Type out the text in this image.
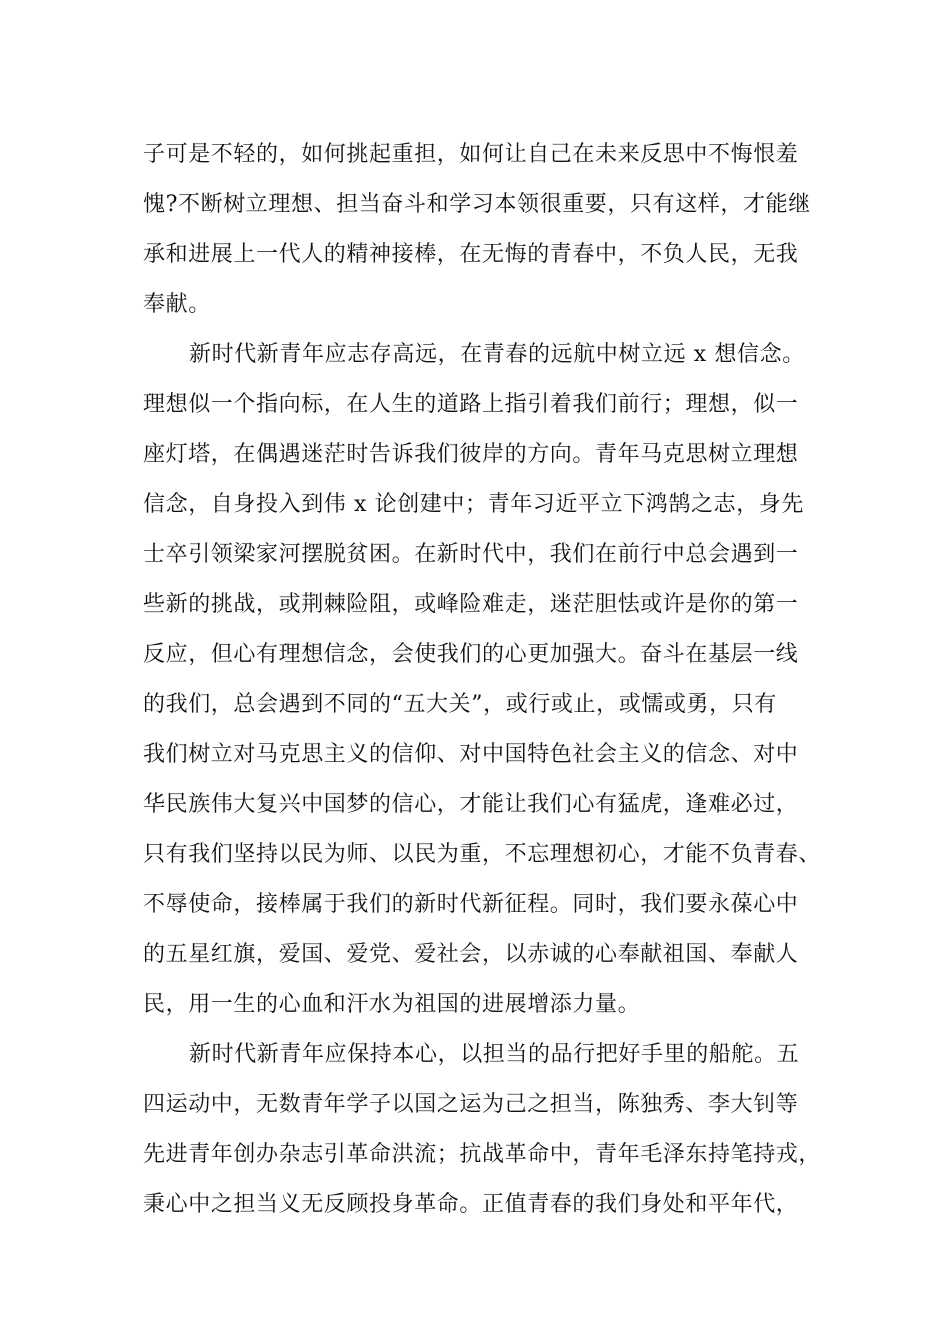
子可是不轻的，如何挑起重担，如何让自己在未来反思中不悔恨羞
愧?不断树立理想、担当奋斗和学习本领很重要，只有这样，才能继
承和进展上一代人的精神接棒，在无悔的青春中，不负人民，无我
奉献。
新时代新青年应志存高远，在青春的远航中树立远 x 想信念。
理想似一个指向标，在人生的道路上指引着我们前行；理想，似一
座灯塔，在偶遇迷茫时告诉我们彼岸的方向。青年马克思树立理想
信念，自身投入到伟 x 论创建中；青年习近平立下鸿鹄之志，身先
士卒引领梁家河摆脱贫困。在新时代中，我们在前行中总会遇到一
些新的挑战，或荆棘险阻，或峰险难走，迷茫胆怯或许是你的第一
反应，但心有理想信念，会使我们的心更加强大。奋斗在基层一线
的我们，总会遇到不同的“五大关”，或行或止，或懦或勇，只有
我们树立对马克思主义的信仰、对中国特色社会主义的信念、对中
华民族伟大复兴中国梦的信心，才能让我们心有猛虎，逢难必过，
只有我们坚持以民为师、以民为重，不忘理想初心，才能不负青春、
不辱使命，接棒属于我们的新时代新征程。同时，我们要永葆心中
的五星红旗，爱国、爱党、爱社会，以赤诚的心奉献祖国、奉献人
民，用一生的心血和汗水为祖国的进展增添力量。
新时代新青年应保持本心，以担当的品行把好手里的船舵。五
四运动中，无数青年学子以国之运为己之担当，陈独秀、李大钊等
先进青年创办杂志引革命洪流；抗战革命中，青年毛泽东持笔持戎，
秉心中之担当义无反顾投身革命。正值青春的我们身处和平年代，
